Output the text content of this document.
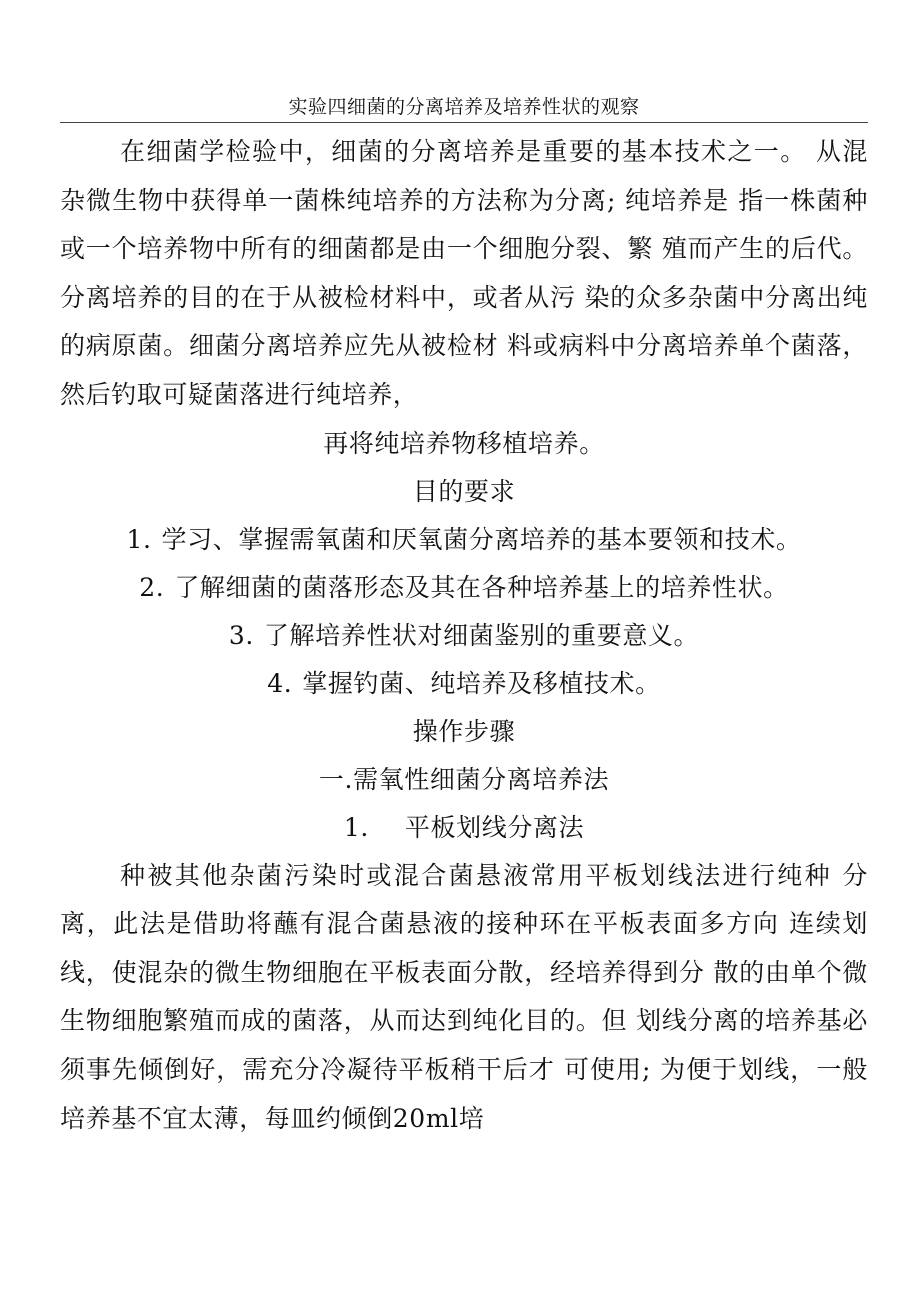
实验四细菌的分离培养及培养性状的观察

在细菌学检验中，细菌的分离培养是重要的基本技术之一。 从混杂微生物中获得单一菌株纯培养的方法称为分离; 纯培养是 指一株菌种或一个培养物中所有的细菌都是由一个细胞分裂、繁 殖而产生的后代。分离培养的目的在于从被检材料中，或者从污 染的众多杂菌中分离出纯的病原菌。细菌分离培养应先从被检材 料或病料中分离培养单个菌落，然后钓取可疑菌落进行纯培养，

再将纯培养物移植培养。

目的要求

1. 学习、掌握需氧菌和厌氧菌分离培养的基本要领和技术。

2. 了解细菌的菌落形态及其在各种培养基上的培养性状。

3. 了解培养性状对细菌鉴别的重要意义。

4. 掌握钓菌、纯培养及移植技术。

操作步骤

一.需氧性细菌分离培养法

1. 平板划线分离法

种被其他杂菌污染时或混合菌悬液常用平板划线法进行纯种 分离，此法是借助将蘸有混合菌悬液的接种环在平板表面多方向 连续划线，使混杂的微生物细胞在平板表面分散，经培养得到分 散的由单个微生物细胞繁殖而成的菌落，从而达到纯化目的。但 划线分离的培养基必须事先倾倒好，需充分冷凝待平板稍干后才 可使用; 为便于划线，一般培养基不宜太薄，每皿约倾倒20ml培
